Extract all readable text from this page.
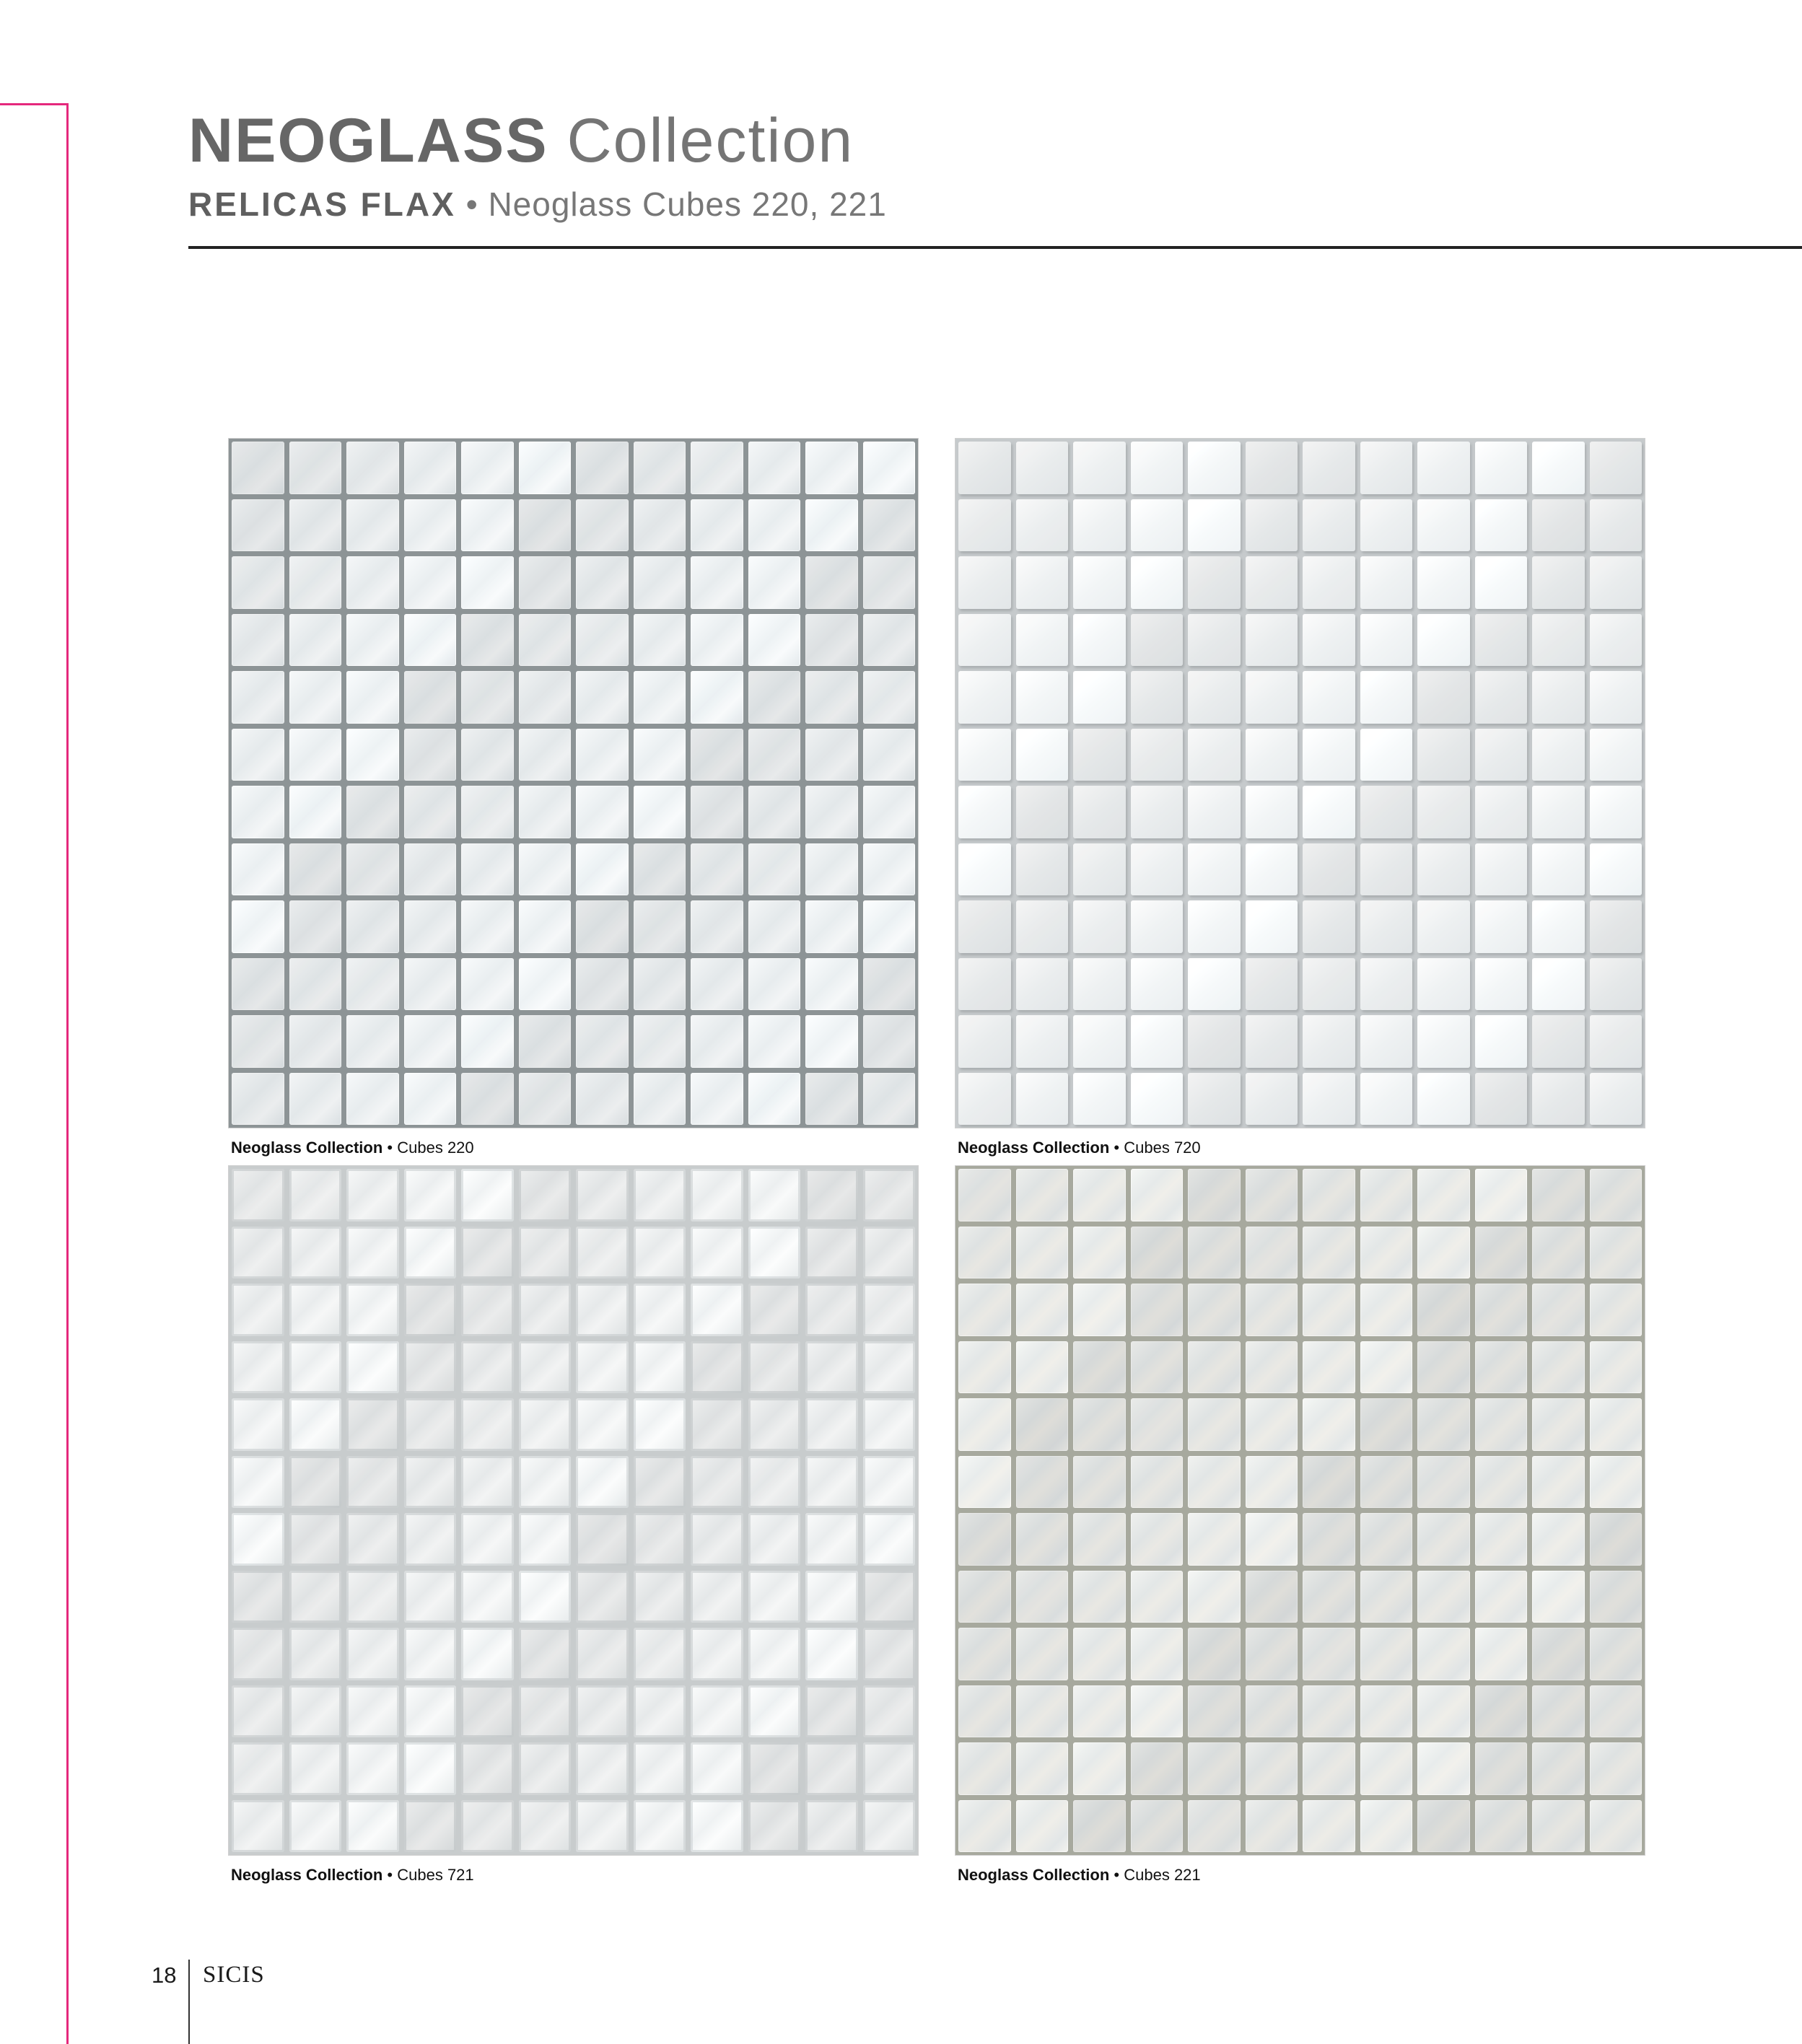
NEOGLASS Collection
RELICAS FLAX • Neoglass Cubes 220, 221
Neoglass Collection • Cubes 220	Neoglass Collection • Cubes 720
Neoglass Collection • Cubes 721	Neoglass Collection • Cubes 221
18 SICIS
